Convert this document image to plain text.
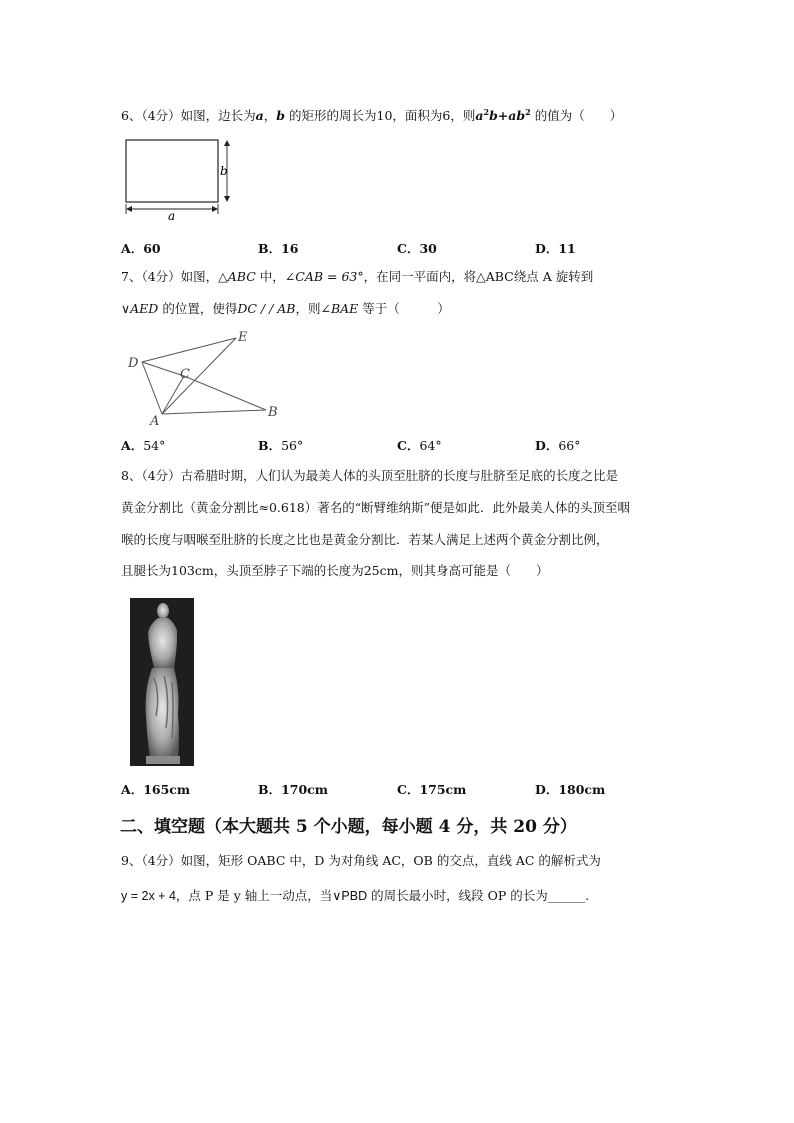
6、（4分）如图，边长为a，b 的矩形的周长为10，面积为6，则$a^2b+ab^2$ 的值为（　　）
b
a
A．60	B．16	C．30	D．11
7、（4分）如图，△ABC 中，∠CAB = 63°，在同一平面内，将△ABC绕点 A 旋转到
∨AED 的位置，使得DC / / AB，则∠BAE 等于（　　　）
D
E
C
A
B
A．54°	B．56°	C．64°	D．66°
8、（4分）古希腊时期，人们认为最美人体的头顶至肚脐的长度与肚脐至足底的长度之比是
黄金分割比（黄金分割比≈0.618）著名的“断臂维纳斯”便是如此．此外最美人体的头顶至咽
喉的长度与咽喉至肚脐的长度之比也是黄金分割比．若某人满足上述两个黄金分割比例，
且腿长为103cm，头顶至脖子下端的长度为25cm，则其身高可能是（　　）
A．165cm	B．170cm	C．175cm	D．180cm
二、填空题（本大题共 5 个小题，每小题 4 分，共 20 分）
9、（4分）如图，矩形 OABC 中，D 为对角线 AC，OB 的交点，直线 AC 的解析式为
y = 2x + 4，点 P 是 y 轴上一动点，当∨PBD 的周长最小时，线段 OP 的长为______.
